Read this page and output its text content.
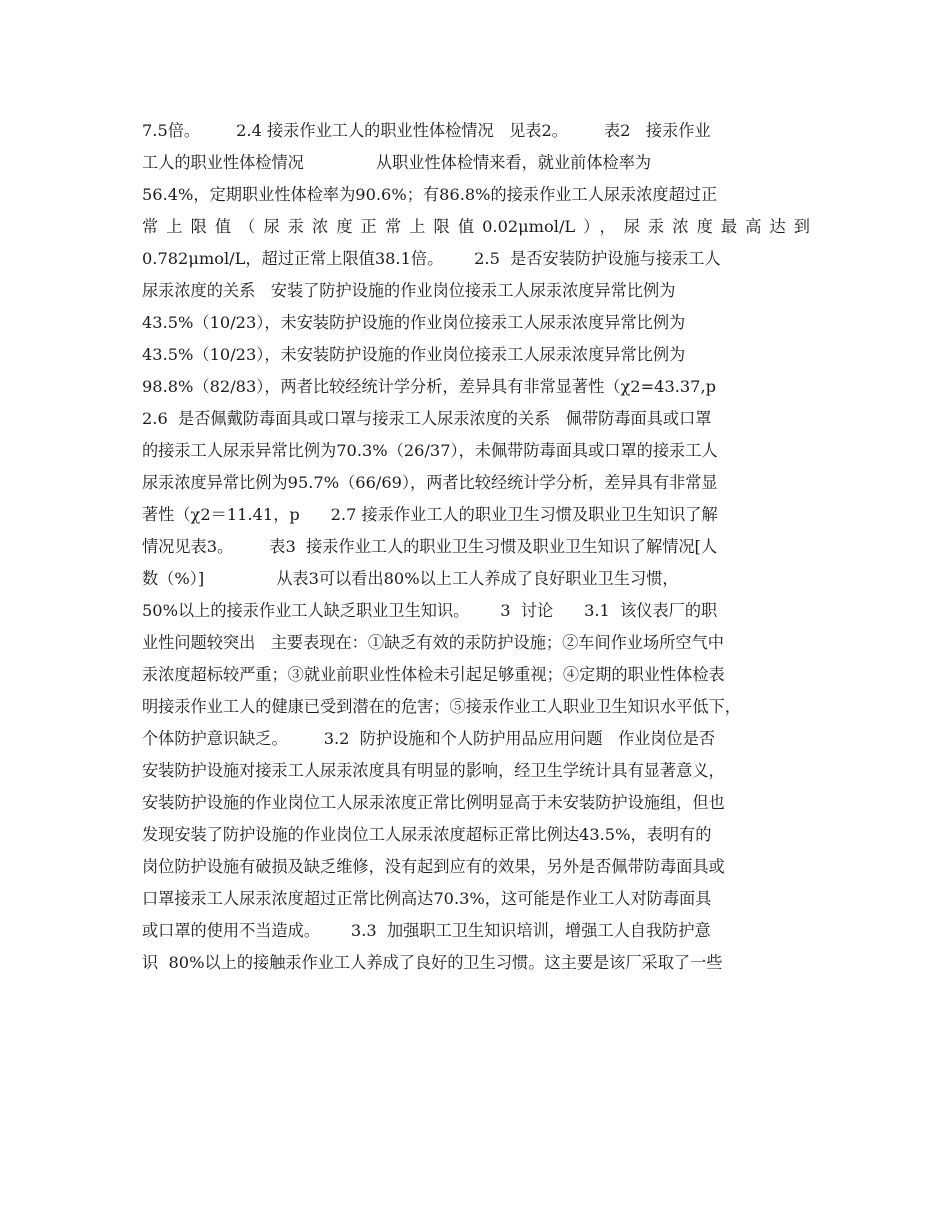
7.5倍。       2.4 接汞作业工人的职业性体检情况   见表2。       表2   接汞作业
工人的职业性体检情况              从职业性体检情来看，就业前体检率为
56.4%，定期职业性体检率为90.6%；有86.8%的接汞作业工人尿汞浓度超过正
常上限值（尿汞浓度正常上限值0.02μmol/L），尿汞浓度最高达到
0.782μmol/L，超过正常上限值38.1倍。      2.5  是否安装防护设施与接汞工人
尿汞浓度的关系   安装了防护设施的作业岗位接汞工人尿汞浓度异常比例为
43.5%（10/23），未安装防护设施的作业岗位接汞工人尿汞浓度异常比例为
43.5%（10/23），未安装防护设施的作业岗位接汞工人尿汞浓度异常比例为
98.8%（82/83），两者比较经统计学分析，差异具有非常显著性（χ2=43.37,p
2.6  是否佩戴防毒面具或口罩与接汞工人尿汞浓度的关系   佩带防毒面具或口罩
的接汞工人尿汞异常比例为70.3%（26/37），未佩带防毒面具或口罩的接汞工人
尿汞浓度异常比例为95.7%（66/69），两者比较经统计学分析，差异具有非常显
著性（χ2＝11.41，p      2.7 接汞作业工人的职业卫生习惯及职业卫生知识了解
情况见表3。       表3  接汞作业工人的职业卫生习惯及职业卫生知识了解情况[人
数（%）]              从表3可以看出80%以上工人养成了良好职业卫生习惯，
50%以上的接汞作业工人缺乏职业卫生知识。      3  讨论      3.1  该仪表厂的职
业性问题较突出   主要表现在：①缺乏有效的汞防护设施；②车间作业场所空气中
汞浓度超标较严重；③就业前职业性体检未引起足够重视；④定期的职业性体检表
明接汞作业工人的健康已受到潜在的危害；⑤接汞作业工人职业卫生知识水平低下，
个体防护意识缺乏。       3.2  防护设施和个人防护用品应用问题   作业岗位是否
安装防护设施对接汞工人尿汞浓度具有明显的影响，经卫生学统计具有显著意义，
安装防护设施的作业岗位工人尿汞浓度正常比例明显高于未安装防护设施组，但也
发现安装了防护设施的作业岗位工人尿汞浓度超标正常比例达43.5%，表明有的
岗位防护设施有破损及缺乏维修，没有起到应有的效果，另外是否佩带防毒面具或
口罩接汞工人尿汞浓度超过正常比例高达70.3%，这可能是作业工人对防毒面具
或口罩的使用不当造成。      3.3  加强职工卫生知识培训，增强工人自我防护意
识  80%以上的接触汞作业工人养成了良好的卫生习惯。这主要是该厂采取了一些
